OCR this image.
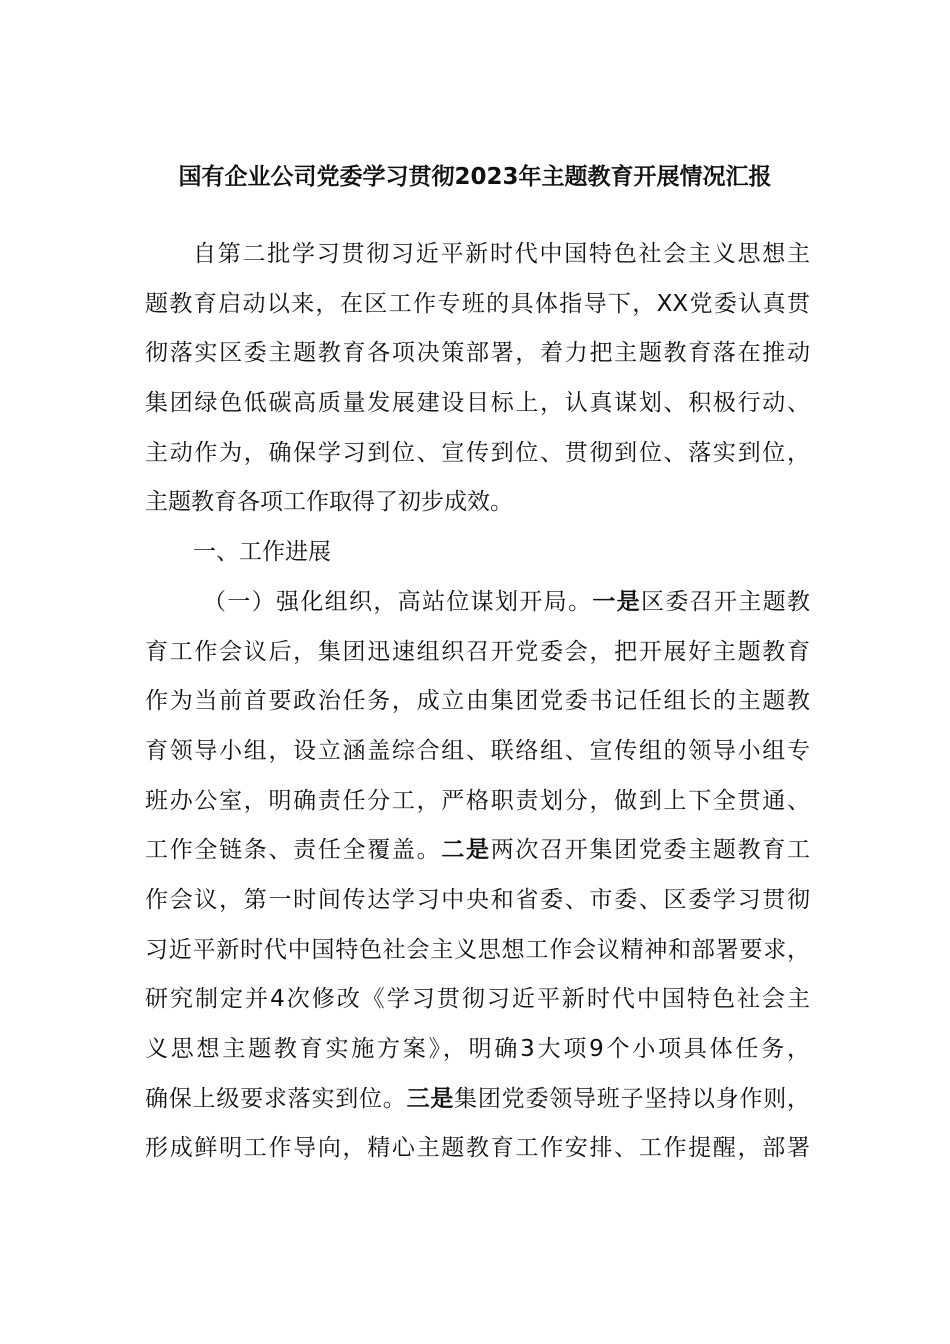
国有企业公司党委学习贯彻2023年主题教育开展情况汇报
自第二批学习贯彻习近平新时代中国特色社会主义思想主
题教育启动以来，在区工作专班的具体指导下，XX党委认真贯
彻落实区委主题教育各项决策部署，着力把主题教育落在推动
集团绿色低碳高质量发展建设目标上，认真谋划、积极行动、
主动作为，确保学习到位、宣传到位、贯彻到位、落实到位，
主题教育各项工作取得了初步成效。
一、工作进展
（一）强化组织，高站位谋划开局。一是区委召开主题教
育工作会议后，集团迅速组织召开党委会，把开展好主题教育
作为当前首要政治任务，成立由集团党委书记任组长的主题教
育领导小组，设立涵盖综合组、联络组、宣传组的领导小组专
班办公室，明确责任分工，严格职责划分，做到上下全贯通、
工作全链条、责任全覆盖。二是两次召开集团党委主题教育工
作会议，第一时间传达学习中央和省委、市委、区委学习贯彻
习近平新时代中国特色社会主义思想工作会议精神和部署要求，
研究制定并4次修改《学习贯彻习近平新时代中国特色社会主
义思想主题教育实施方案》，明确3大项9个小项具体任务，
确保上级要求落实到位。三是集团党委领导班子坚持以身作则，
形成鲜明工作导向，精心主题教育工作安排、工作提醒，部署
